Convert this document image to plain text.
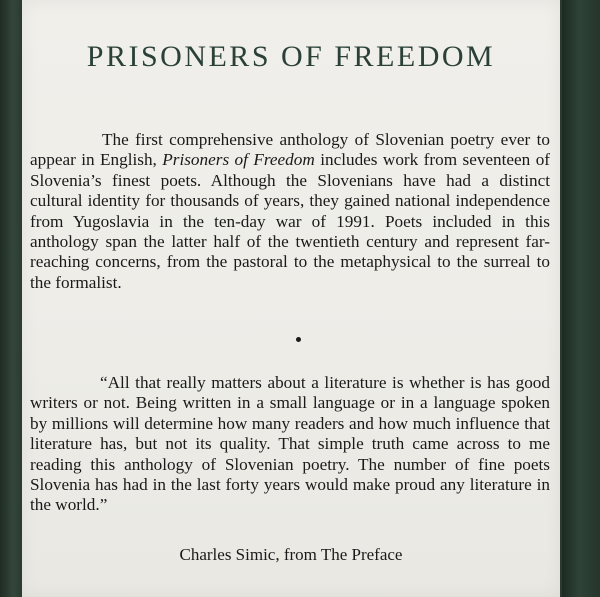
PRISONERS OF FREEDOM

The first comprehensive anthology of Slovenian poetry ever to appear in English, Prisoners of Freedom includes work from seventeen of Slovenia’s finest poets. Although the Slovenians have had a distinct cultural identity for thousands of years, they gained national independence from Yugoslavia in the ten-day war of 1991. Poets included in this anthology span the latter half of the twentieth century and represent far-reaching concerns, from the pastoral to the metaphysical to the surreal to the formalist.

“All that really matters about a literature is whether is has good writers or not. Being written in a small language or in a language spoken by millions will determine how many readers and how much influence that literature has, but not its quality. That simple truth came across to me reading this anthology of Slovenian poetry. The number of fine poets Slovenia has had in the last forty years would make proud any literature in the world.”

Charles Simic, from The Preface
